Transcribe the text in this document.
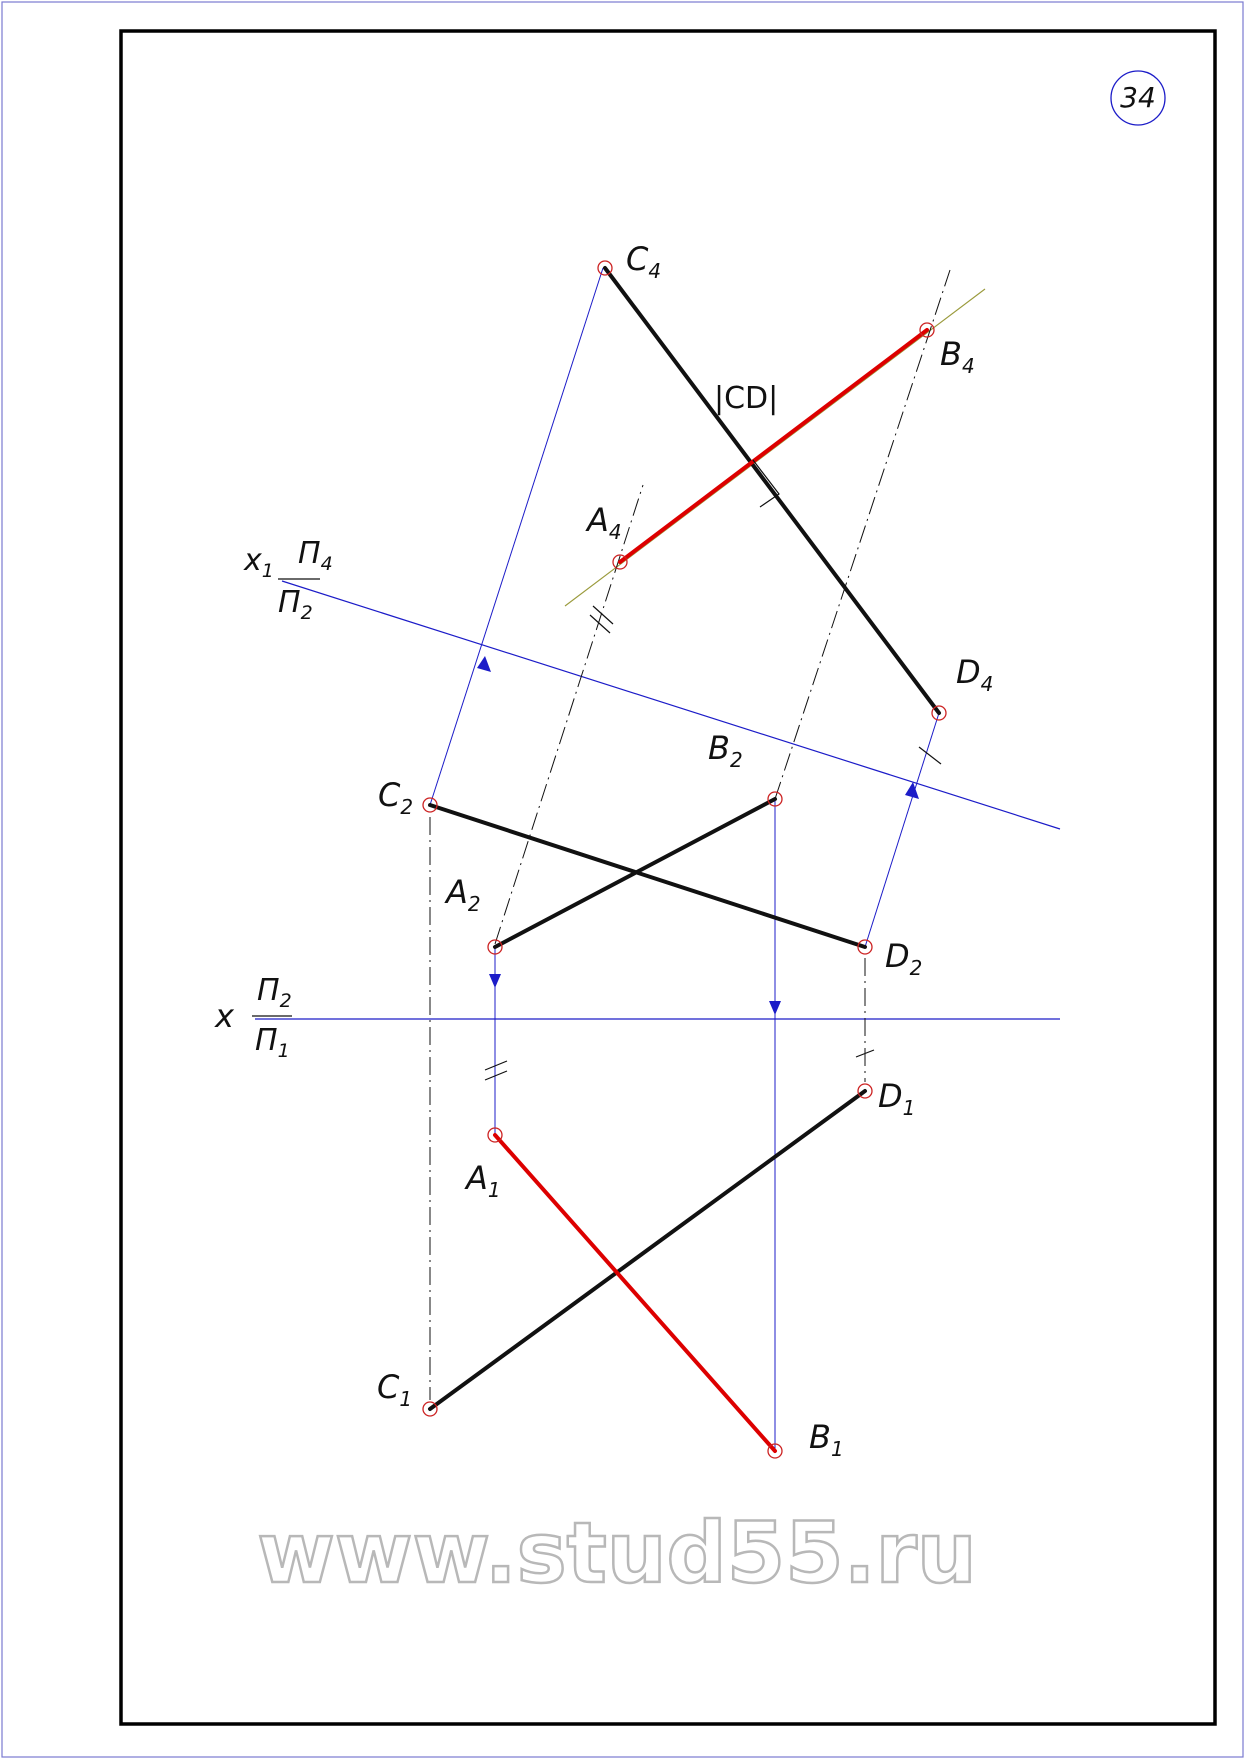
34
$C_4$
$B_4$
$A_4$
$D_4$
$B_2$
$C_2$
$A_2$
$D_2$
$D_1$
$A_1$
$C_1$
$B_1$
|CD|
x
$П_2$
$П_1$
$x_1$ $П_4$
$П_2$
www.stud55.ru
